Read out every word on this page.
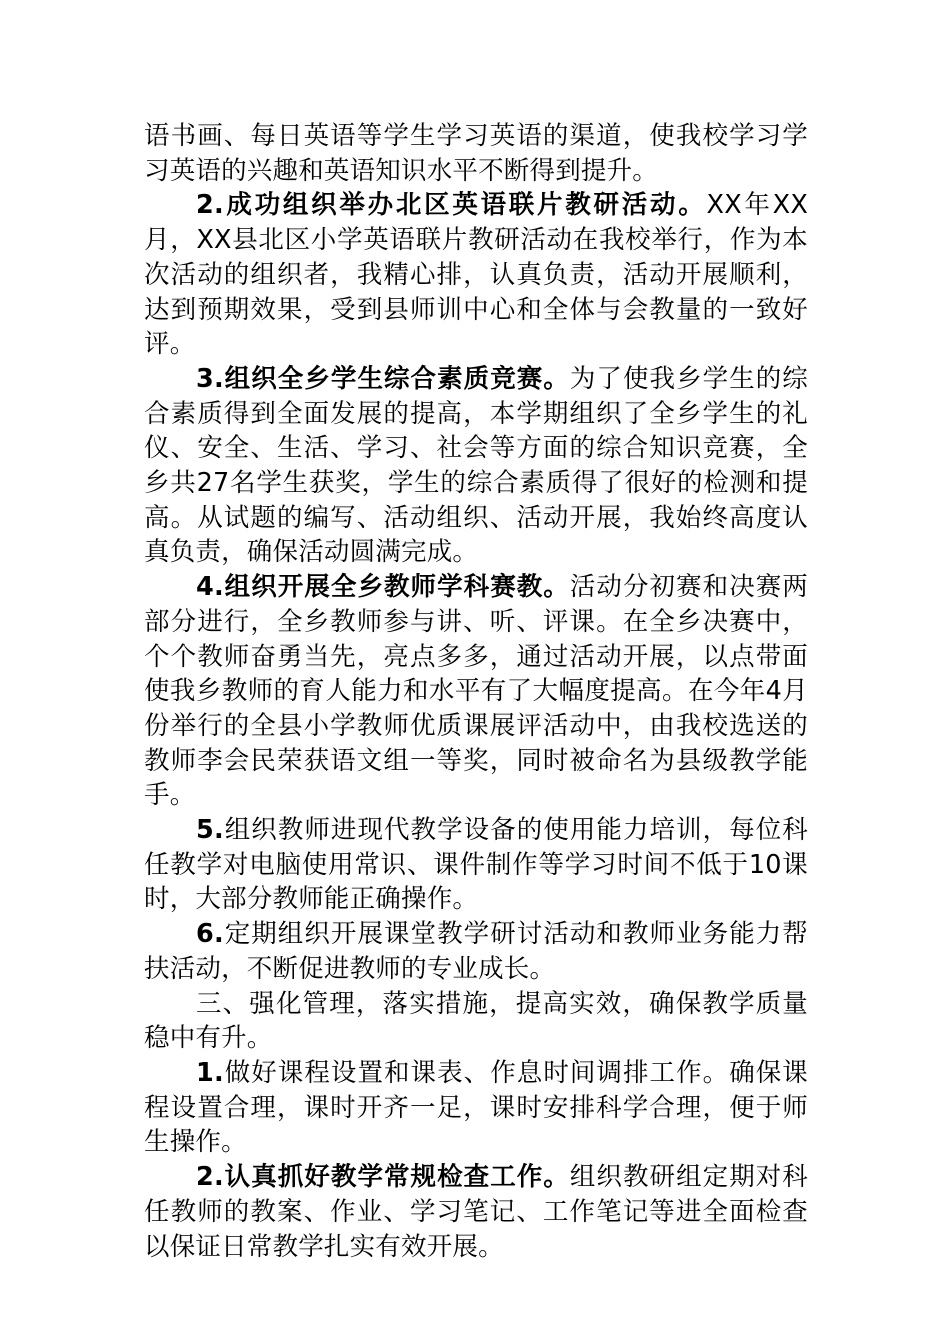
语书画、每日英语等学生学习英语的渠道，使我校学习学习英语的兴趣和英语知识水平不断得到提升。

2.成功组织举办北区英语联片教研活动。XX年XX月，XX县北区小学英语联片教研活动在我校举行，作为本次活动的组织者，我精心排，认真负责，活动开展顺利，达到预期效果，受到县师训中心和全体与会教量的一致好评。

3.组织全乡学生综合素质竞赛。为了使我乡学生的综合素质得到全面发展的提高，本学期组织了全乡学生的礼仪、安全、生活、学习、社会等方面的综合知识竞赛，全乡共27名学生获奖，学生的综合素质得了很好的检测和提高。从试题的编写、活动组织、活动开展，我始终高度认真负责，确保活动圆满完成。

4.组织开展全乡教师学科赛教。活动分初赛和决赛两部分进行，全乡教师参与讲、听、评课。在全乡决赛中，个个教师奋勇当先，亮点多多，通过活动开展，以点带面使我乡教师的育人能力和水平有了大幅度提高。在今年4月份举行的全县小学教师优质课展评活动中，由我校选送的教师李会民荣获语文组一等奖，同时被命名为县级教学能手。

5.组织教师进现代教学设备的使用能力培训，每位科任教学对电脑使用常识、课件制作等学习时间不低于10课时，大部分教师能正确操作。

6.定期组织开展课堂教学研讨活动和教师业务能力帮扶活动，不断促进教师的专业成长。

三、强化管理，落实措施，提高实效，确保教学质量稳中有升。

1.做好课程设置和课表、作息时间调排工作。确保课程设置合理，课时开齐一足，课时安排科学合理，便于师生操作。

2.认真抓好教学常规检查工作。组织教研组定期对科任教师的教案、作业、学习笔记、工作笔记等进全面检查以保证日常教学扎实有效开展。
